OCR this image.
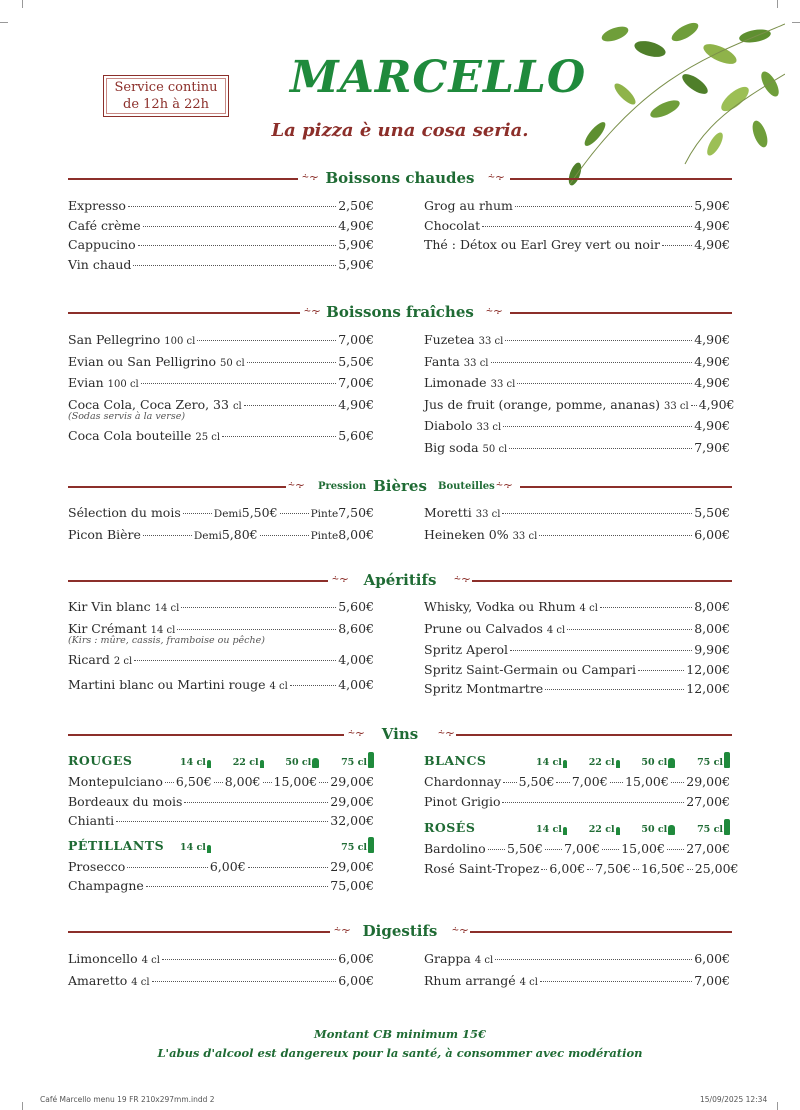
Service continu
de 12h à 22h
MARCELLO
La pizza è una cosa seria.
⸞⸟ Boissons chaudes	⸞⸟
Expresso	2,50€
Café crème	4,90€
Cappucino	5,90€
Vin chaud	5,90€
Grog au rhum	5,90€
Chocolat	4,90€
Thé : Détox ou Earl Grey vert ou noir	4,90€
⸞⸟ Boissons fraîches	⸞⸟
San Pellegrino 100 cl	7,00€
Evian ou San Pelligrino 50 cl	5,50€
Evian 100 cl	7,00€
Coca Cola, Coca Zero, 33 cl	4,90€
(Sodas servis à la verse)
Coca Cola bouteille 25 cl	5,60€
Fuzetea 33 cl	4,90€
Fanta 33 cl	4,90€
Limonade 33 cl	4,90€
Jus de fruit (orange, pomme, ananas) 33 cl 4,90€
Diabolo 33 cl	4,90€
Big soda 50 cl	7,90€
⸞⸟ Pression Bières	Bouteilles ⸞⸟
Sélection du mois	Demi 5,50€	Pinte 7,50€
Picon Bière	Demi 5,80€	Pinte 8,00€
Moretti 33 cl	5,50€
Heineken 0% 33 cl	6,00€
⸞⸟ Apéritifs	⸞⸟
Kir Vin blanc 14 cl	5,60€
Kir Crémant 14 cl	8,60€
(Kirs : mûre, cassis, framboise ou pêche)
Ricard 2 cl	4,00€
Martini blanc ou Martini rouge 4 cl	4,00€
Whisky, Vodka ou Rhum 4 cl	8,00€
Prune ou Calvados 4 cl	8,00€
Spritz Aperol	9,90€
Spritz Saint-Germain ou Campari	12,00€
Spritz Montmartre	12,00€
⸞⸟	Vins	⸞⸟
ROUGES	14 cl	22 cl	50 cl	75 cl
Montepulciano 6,50€ 8,00€ 15,00€ 29,00€
Bordeaux du mois	29,00€
Chianti	32,00€
PÉTILLANTS	14 cl	75 cl
Prosecco	6,00€	29,00€
Champagne	75,00€
BLANCS	14 cl	22 cl	50 cl	75 cl
Chardonnay 5,50€ 7,00€ 15,00€ 29,00€
Pinot Grigio	27,00€
ROSÉS	14 cl	22 cl	50 cl	75 cl
Bardolino 5,50€ 7,00€ 15,00€ 27,00€
Rosé Saint-Tropez 6,00€ 7,50€ 16,50€ 25,00€
⸞⸟ Digestifs	⸞⸟
Limoncello 4 cl	6,00€
Amaretto 4 cl	6,00€
Grappa 4 cl	6,00€
Rhum arrangé 4 cl	7,00€
Montant CB minimum 15€
L'abus d'alcool est dangereux pour la santé, à consommer avec modération
Café Marcello menu 19 FR 210x297mm.indd 2	15/09/2025 12:34
